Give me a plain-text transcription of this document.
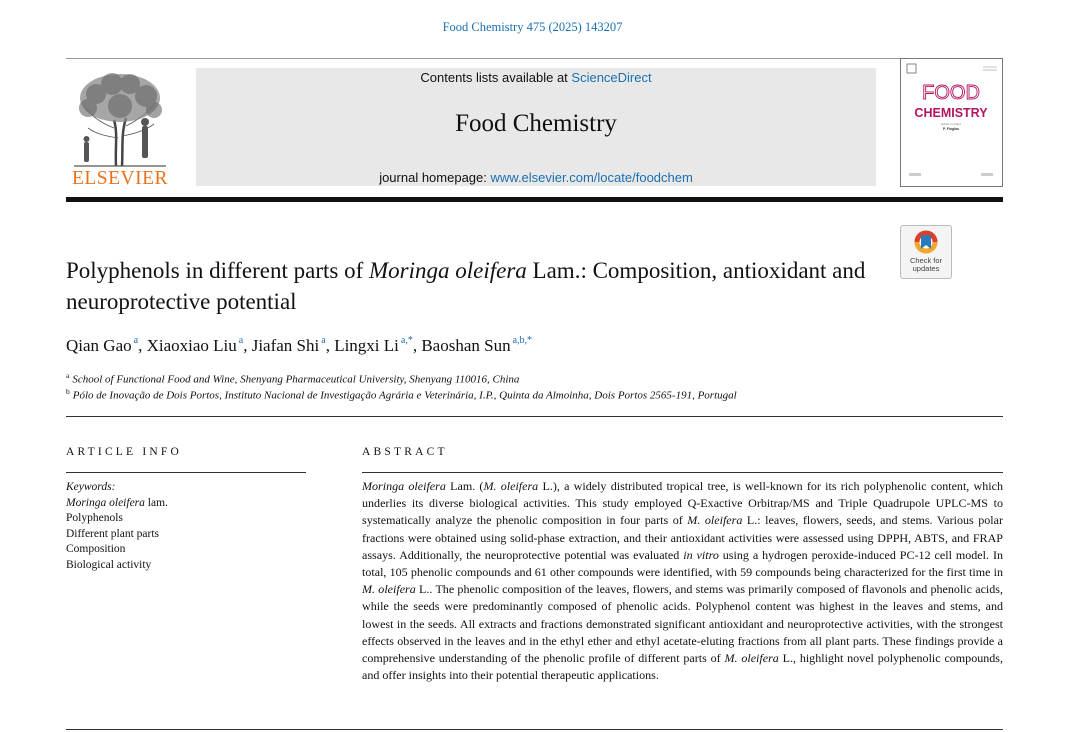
Food Chemistry 475 (2025) 143207
ELSEVIER
Contents lists available at ScienceDirect
Food Chemistry
journal homepage: www.elsevier.com/locate/foodchem
FOOD
CHEMISTRY
Editor-in-Chief
P. Finglas
Check for
updates
Polyphenols in different parts of Moringa oleifera Lam.: Composition, antioxidant and neuroprotective potential
Qian Gao $^a$, Xiaoxiao Liu $^a$, Jiafan Shi $^a$, Lingxi Li $^{a,*}$, Baoshan Sun $^{a,b,*}$
$^a$ School of Functional Food and Wine, Shenyang Pharmaceutical University, Shenyang 110016, China
$^b$ Pólo de Inovação de Dois Portos, Instituto Nacional de Investigação Agrária e Veterinária, I.P., Quinta da Almoinha, Dois Portos 2565-191, Portugal
ARTICLE INFO	ABSTRACT
Keywords:
Moringa oleifera lam.
Polyphenols
Different plant parts
Composition
Biological activity
Moringa oleifera Lam. (M. oleifera L.), a widely distributed tropical tree, is well-known for its rich polyphenolic content, which underlies its diverse biological activities. This study employed Q-Exactive Orbitrap/MS and Triple Quadrupole UPLC-MS to systematically analyze the phenolic composition in four parts of M. oleifera L.: leaves, flowers, seeds, and stems. Various polar fractions were obtained using solid-phase extraction, and their antioxidant activities were assessed using DPPH, ABTS, and FRAP assays. Additionally, the neuroprotective potential was evaluated in vitro using a hydrogen peroxide-induced PC-12 cell model. In total, 105 phenolic compounds and 61 other compounds were identified, with 59 compounds being characterized for the first time in M. oleifera L.. The phenolic composition of the leaves, flowers, and stems was primarily composed of flavonols and phenolic acids, while the seeds were predominantly composed of phenolic acids. Polyphenol content was highest in the leaves and stems, and lowest in the seeds. All extracts and fractions demonstrated significant antioxidant and neuroprotective activities, with the strongest effects observed in the leaves and in the ethyl ether and ethyl acetate-eluting fractions from all plant parts. These findings provide a comprehensive understanding of the phenolic profile of different parts of M. oleifera L., highlight novel polyphenolic compounds, and offer insights into their potential therapeutic applications.
